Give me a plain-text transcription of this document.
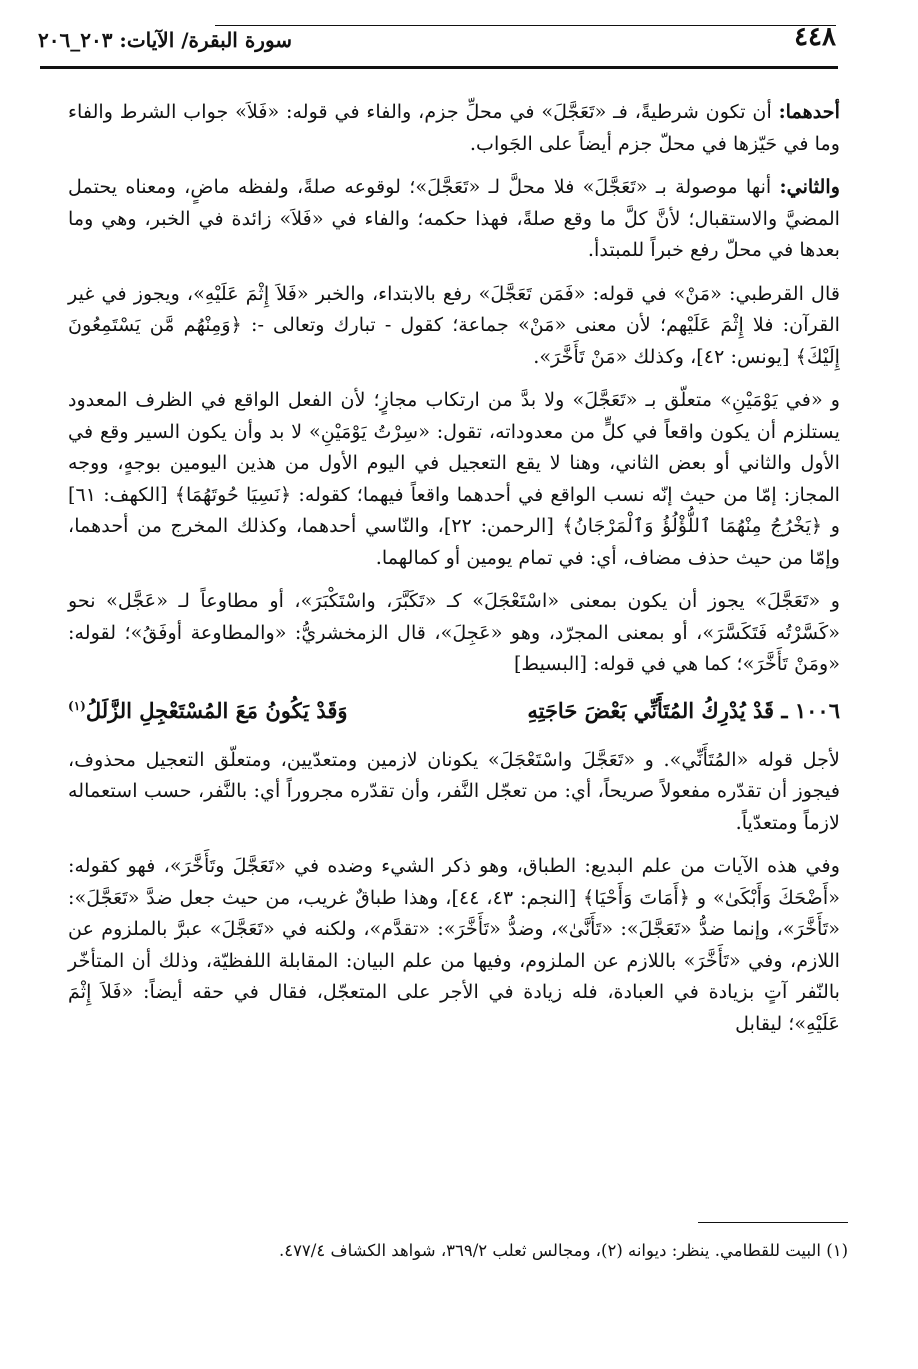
٤٤٨
سورة البقرة/ الآيات: ٢٠٣_٢٠٦

أحدهما: أن تكون شرطيةً، فـ «تَعَجَّلَ» في محلِّ جزم، والفاء في قوله: «فَلاَ» جواب الشرط والفاء وما في حَيّزها في محلّ جزم أيضاً على الجَواب.

والثاني: أنها موصولة بـ «تَعَجَّلَ» فلا محلَّ لـ «تَعَجَّلَ»؛ لوقوعه صلةً، ولفظه ماضٍ، ومعناه يحتمل المضيَّ والاستقبال؛ لأنَّ كلَّ ما وقع صلةً، فهذا حكمه؛ والفاء في «فَلاَ» زائدة في الخبر، وهي وما بعدها في محلّ رفع خبراً للمبتدأ.

قال القرطبي: «مَنْ» في قوله: «فَمَن تَعَجَّلَ» رفع بالابتداء، والخبر «فَلاَ إِثْمَ عَلَيْهِ»، ويجوز في غير القرآن: فلا إِثْمَ عَلَيْهم؛ لأن معنى «مَنْ» جماعة؛ كقول - تبارك وتعالى -: ﴿وَمِنْهُم مَّن يَسْتَمِعُونَ إِلَيْكَ﴾ [يونس: ٤٢]، وكذلك «مَنْ تَأَخَّرَ».

و «في يَوْمَيْنِ» متعلّق بـ «تَعَجَّلَ» ولا بدَّ من ارتكاب مجازٍ؛ لأن الفعل الواقع في الظرف المعدود يستلزم أن يكون واقعاً في كلٍّ من معدوداته، تقول: «سِرْتُ يَوْمَيْنِ» لا بد وأن يكون السير وقع في الأول والثاني أو بعض الثاني، وهنا لا يقع التعجيل في اليوم الأول من هذين اليومين بوجهٍ، ووجه المجاز: إمّا من حيث إنّه نسب الواقع في أحدهما واقعاً فيهما؛ كقوله: ﴿نَسِيَا حُوتَهُمَا﴾ [الكهف: ٦١] و ﴿يَخْرُجُ مِنْهُمَا ٱللُّؤْلُؤُ وَٱلْمَرْجَانُ﴾ [الرحمن: ٢٢]، والنّاسي أحدهما، وكذلك المخرج من أحدهما، وإمّا من حيث حذف مضاف، أي: في تمام يومين أو كمالهما.

و «تَعَجَّلَ» يجوز أن يكون بمعنى «اسْتَعْجَلَ» كـ «تَكَبَّرَ، واسْتَكْبَرَ»، أو مطاوعاً لـ «عَجَّل» نحو «كَسَّرْتُه فَتَكَسَّرَ»، أو بمعنى المجرّد، وهو «عَجِلَ»، قال الزمخشريُّ: «والمطاوعة أوفَقُ»؛ لقوله: «ومَنْ تَأَخَّرَ»؛ كما هي في قوله: [البسيط]

١٠٠٦ ـ قَدْ يُدْرِكُ المُتَأَنِّي بَعْضَ حَاجَتِهِ
وَقَدْ يَكُونُ مَعَ المُسْتَعْجِلِ الزَّلَلُ$^{(١)}$

لأجل قوله «المُتَأَنِّي». و «تَعَجَّلَ واسْتَعْجَلَ» يكونان لازمين ومتعدّيين، ومتعلّق التعجيل محذوف، فيجوز أن تقدّره مفعولاً صريحاً، أي: من تعجّل النَّفر، وأن تقدّره مجروراً أي: بالنَّفر، حسب استعماله لازماً ومتعدّياً.

وفي هذه الآيات من علم البديع: الطباق، وهو ذكر الشيء وضده في «تَعَجَّلَ وتَأَخَّرَ»، فهو كقوله: «أَضْحَكَ وَأَبْكَىٰ» و ﴿أَمَاتَ وَأَحْيَا﴾ [النجم: ٤٣، ٤٤]، وهذا طباقٌ غريب، من حيث جعل ضدَّ «تَعَجَّلَ»: «تَأَخَّرَ»، وإنما ضدُّ «تَعَجَّلَ»: «تَأَنَّىٰ»، وضدُّ «تَأَخَّرَ»: «تقدَّم»، ولكنه في «تَعَجَّلَ» عبرَّ بالملزوم عن اللازم، وفي «تَأَخَّرَ» باللازم عن الملزوم، وفيها من علم البيان: المقابلة اللفظيّة، وذلك أن المتأخّر بالنّفر آتٍ بزيادة في العبادة، فله زيادة في الأجر على المتعجّل، فقال في حقه أيضاً: «فَلاَ إِثْمَ عَلَيْهِ»؛ ليقابل

(١) البيت للقطامي. ينظر: ديوانه (٢)، ومجالس ثعلب ٣٦٩/٢، شواهد الكشاف ٤٧٧/٤.
